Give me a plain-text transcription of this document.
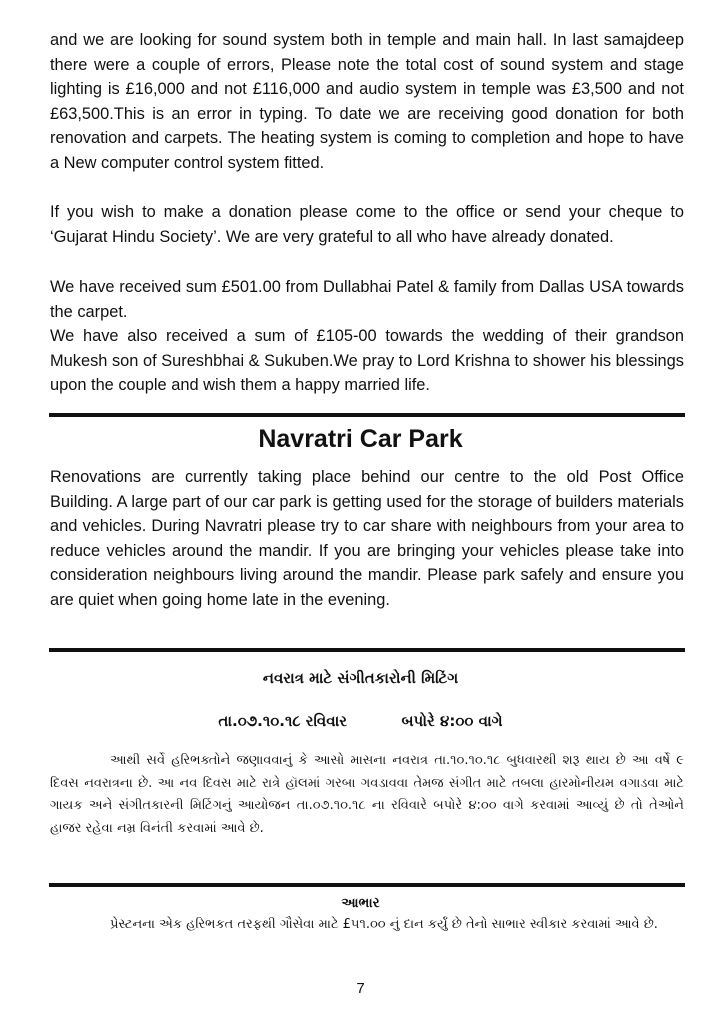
and we are looking for sound system both in temple and main hall. In last samajdeep there were a couple of errors, Please note the total cost of sound system and stage lighting is £16,000 and not £116,000 and audio system in temple was £3,500 and not £63,500.This is an error in typing. To date we are receiving good donation for both renovation and carpets. The heating system is coming to completion and hope to have a New computer control system fitted.

If you wish to make a donation please come to the office or send your cheque to ‘Gujarat Hindu Society’. We are very grateful to all who have already donated.

We have received sum £501.00 from Dullabhai Patel & family from Dallas USA towards the carpet.

We have also received a sum of £105-00 towards the wedding of their grandson Mukesh son of Sureshbhai & Sukuben.We pray to Lord Krishna to shower his blessings upon the couple and wish them a happy married life.

Navratri Car Park

Renovations are currently taking place behind our centre to the old Post Office Building. A large part of our car park is getting used for the storage of builders materials and vehicles. During Navratri please try to car share with neighbours from your area to reduce vehicles around the mandir. If you are bringing your vehicles please take into consideration neighbours living around the mandir. Please park safely and ensure you are quiet when going home late in the evening.

નવરાત્ર માટે સંગીતકારોની મિટિંગ
તા.૦૭.૧૦.૧૮ રવિવાર	બપોરે ૪:૦૦ વાગે

આથી સર્વે હરિભક્તોને જણાવવાનું કે આસો માસના નવરાત્ર તા.૧૦.૧૦.૧૮ બુધવારથી શરૂ થાય છે આ વર્ષે ૯ દિવસ નવરાત્રના છે. આ નવ દિવસ માટે રાત્રે હૉલમાં ગરબા ગવડાવવા તેમજ સંગીત માટે તબલા હારમોનીયમ વગાડવા માટે ગાયક અને સંગીતકારની મિટિંગનું આયોજન તા.૦૭.૧૦.૧૮ ના રવિવારે બપોરે ૪:૦૦ વાગે કરવામાં આવ્યું છે તો તેઓને હાજર રહેવા નમ્ર વિનંતી કરવામાં આવે છે.

આભાર

પ્રેસ્ટનના એક હરિભકત તરફથી ગૌસેવા માટે £૫૧.૦૦ નું દાન કર્યું છે તેનો સાભાર સ્વીકાર કરવામાં આવે છે.

7
